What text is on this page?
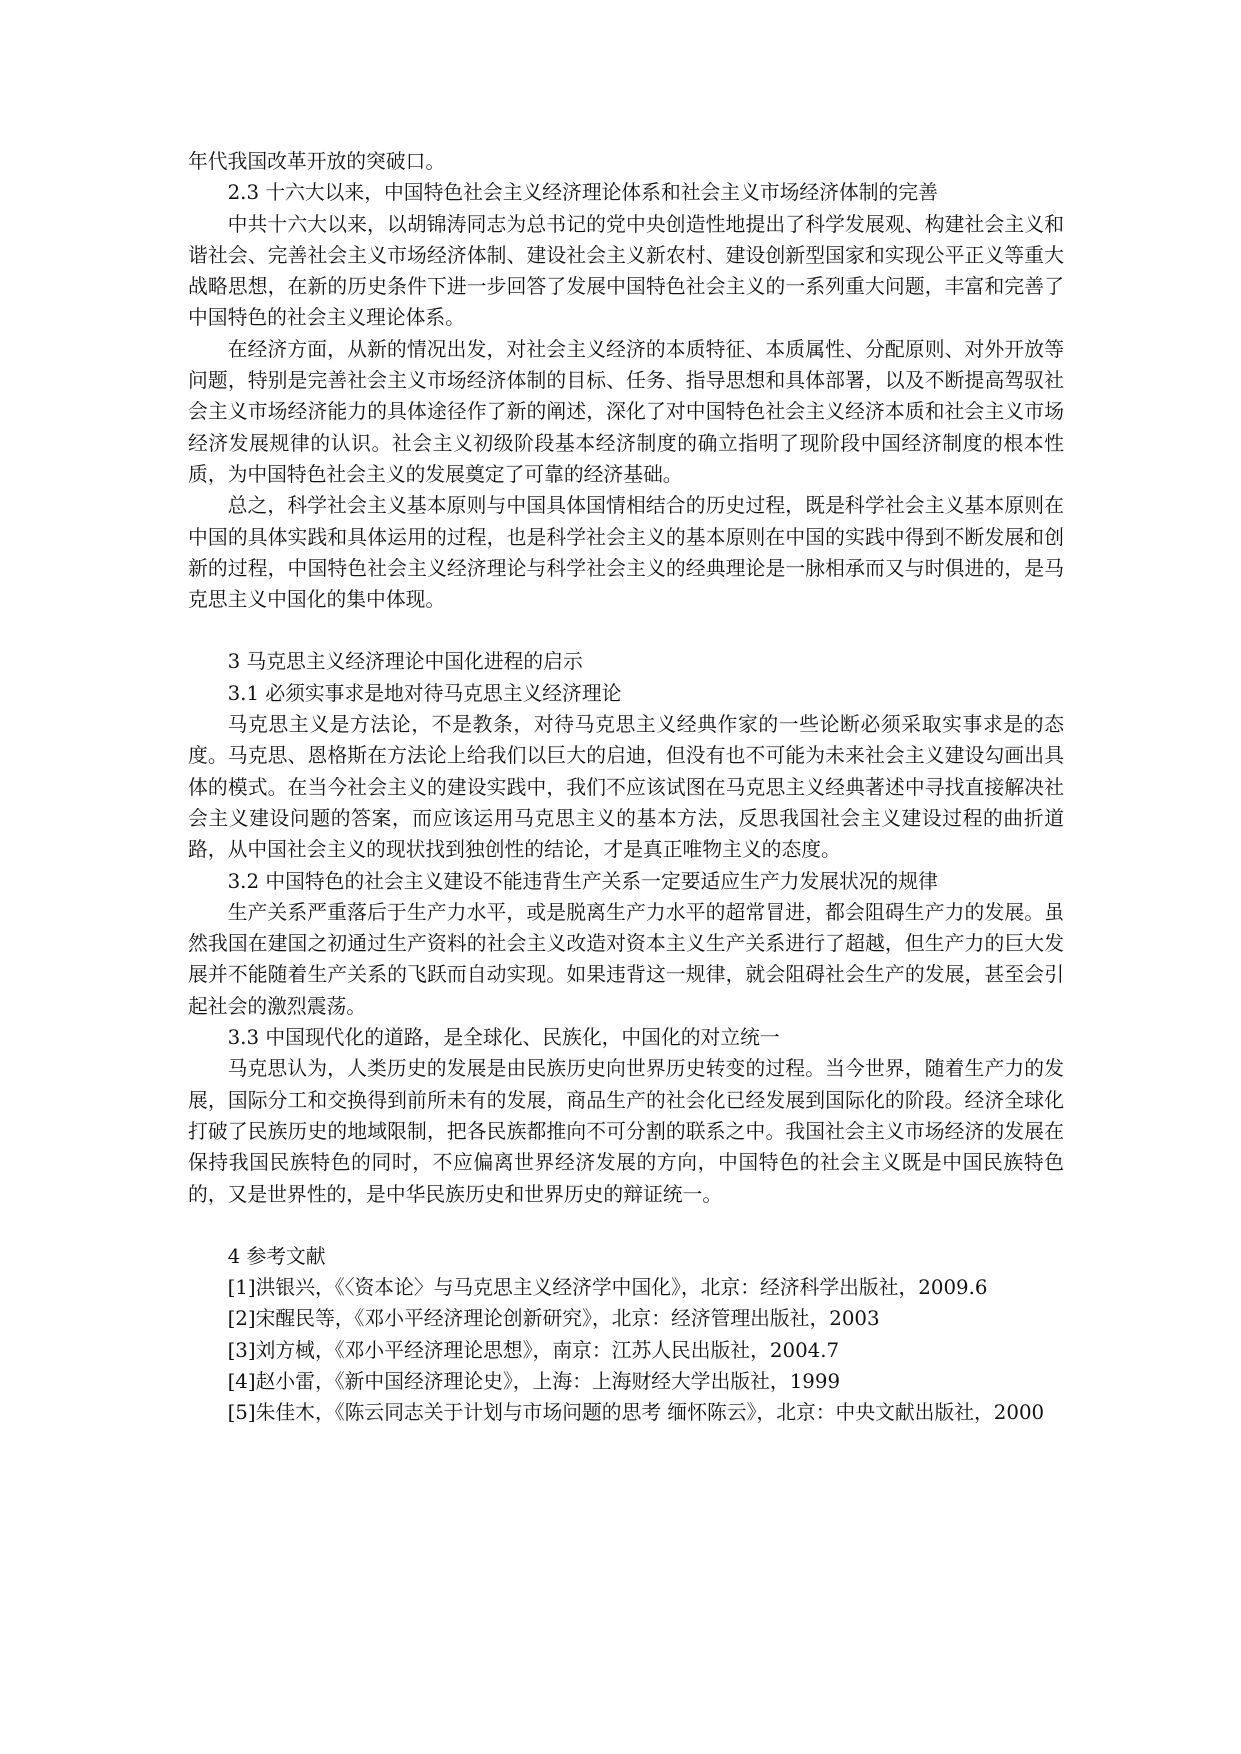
年代我国改革开放的突破口。

2.3 十六大以来，中国特色社会主义经济理论体系和社会主义市场经济体制的完善

中共十六大以来，以胡锦涛同志为总书记的党中央创造性地提出了科学发展观、构建社会主义和谐社会、完善社会主义市场经济体制、建设社会主义新农村、建设创新型国家和实现公平正义等重大战略思想，在新的历史条件下进一步回答了发展中国特色社会主义的一系列重大问题，丰富和完善了中国特色的社会主义理论体系。

在经济方面，从新的情况出发，对社会主义经济的本质特征、本质属性、分配原则、对外开放等问题，特别是完善社会主义市场经济体制的目标、任务、指导思想和具体部署，以及不断提高驾驭社会主义市场经济能力的具体途径作了新的阐述，深化了对中国特色社会主义经济本质和社会主义市场经济发展规律的认识。社会主义初级阶段基本经济制度的确立指明了现阶段中国经济制度的根本性质，为中国特色社会主义的发展奠定了可靠的经济基础。

总之，科学社会主义基本原则与中国具体国情相结合的历史过程，既是科学社会主义基本原则在中国的具体实践和具体运用的过程，也是科学社会主义的基本原则在中国的实践中得到不断发展和创新的过程，中国特色社会主义经济理论与科学社会主义的经典理论是一脉相承而又与时俱进的，是马克思主义中国化的集中体现。

3 马克思主义经济理论中国化进程的启示

3.1 必须实事求是地对待马克思主义经济理论

马克思主义是方法论，不是教条，对待马克思主义经典作家的一些论断必须采取实事求是的态度。马克思、恩格斯在方法论上给我们以巨大的启迪，但没有也不可能为未来社会主义建设勾画出具体的模式。在当今社会主义的建设实践中，我们不应该试图在马克思主义经典著述中寻找直接解决社会主义建设问题的答案，而应该运用马克思主义的基本方法，反思我国社会主义建设过程的曲折道路，从中国社会主义的现状找到独创性的结论，才是真正唯物主义的态度。

3.2 中国特色的社会主义建设不能违背生产关系一定要适应生产力发展状况的规律

生产关系严重落后于生产力水平，或是脱离生产力水平的超常冒进，都会阻碍生产力的发展。虽然我国在建国之初通过生产资料的社会主义改造对资本主义生产关系进行了超越，但生产力的巨大发展并不能随着生产关系的飞跃而自动实现。如果违背这一规律，就会阻碍社会生产的发展，甚至会引起社会的激烈震荡。

3.3 中国现代化的道路，是全球化、民族化，中国化的对立统一

马克思认为，人类历史的发展是由民族历史向世界历史转变的过程。当今世界，随着生产力的发展，国际分工和交换得到前所未有的发展，商品生产的社会化已经发展到国际化的阶段。经济全球化打破了民族历史的地域限制，把各民族都推向不可分割的联系之中。我国社会主义市场经济的发展在保持我国民族特色的同时，不应偏离世界经济发展的方向，中国特色的社会主义既是中国民族特色的，又是世界性的，是中华民族历史和世界历史的辩证统一。

4 参考文献

[1]洪银兴，《〈资本论〉与马克思主义经济学中国化》，北京：经济科学出版社，2009.6

[2]宋醒民等，《邓小平经济理论创新研究》，北京：经济管理出版社，2003

[3]刘方棫，《邓小平经济理论思想》，南京：江苏人民出版社，2004.7

[4]赵小雷，《新中国经济理论史》，上海：上海财经大学出版社，1999

[5]朱佳木，《陈云同志关于计划与市场问题的思考 缅怀陈云》，北京：中央文献出版社，2000
